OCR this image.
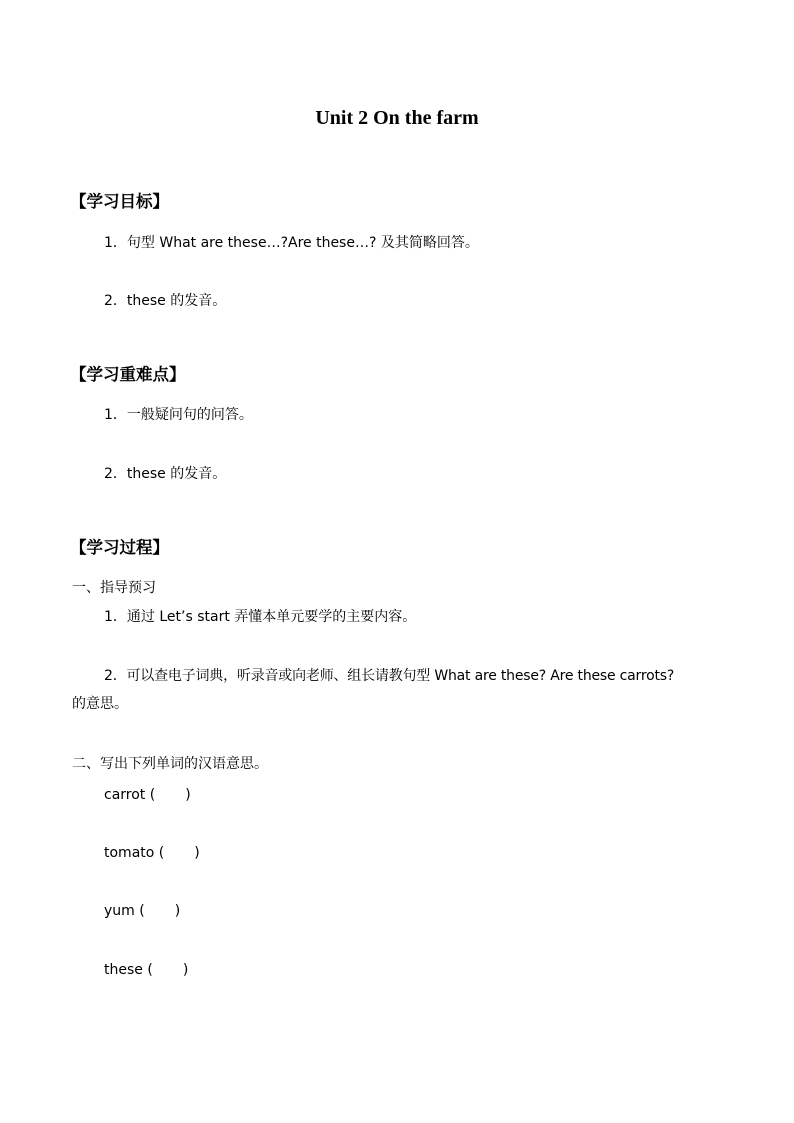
Unit 2 On the farm
【学习目标】
1．句型 What are these…?Are these…? 及其简略回答。
2．these 的发音。
【学习重难点】
1．一般疑问句的问答。
2．these 的发音。
【学习过程】
一、指导预习
1．通过 Let’s start 弄懂本单元要学的主要内容。
2．可以查电子词典，听录音或向老师、组长请教句型 What are these? Are these carrots?
的意思。
二、写出下列单词的汉语意思。
carrot ( )
tomato ( )
yum ( )
these ( )
